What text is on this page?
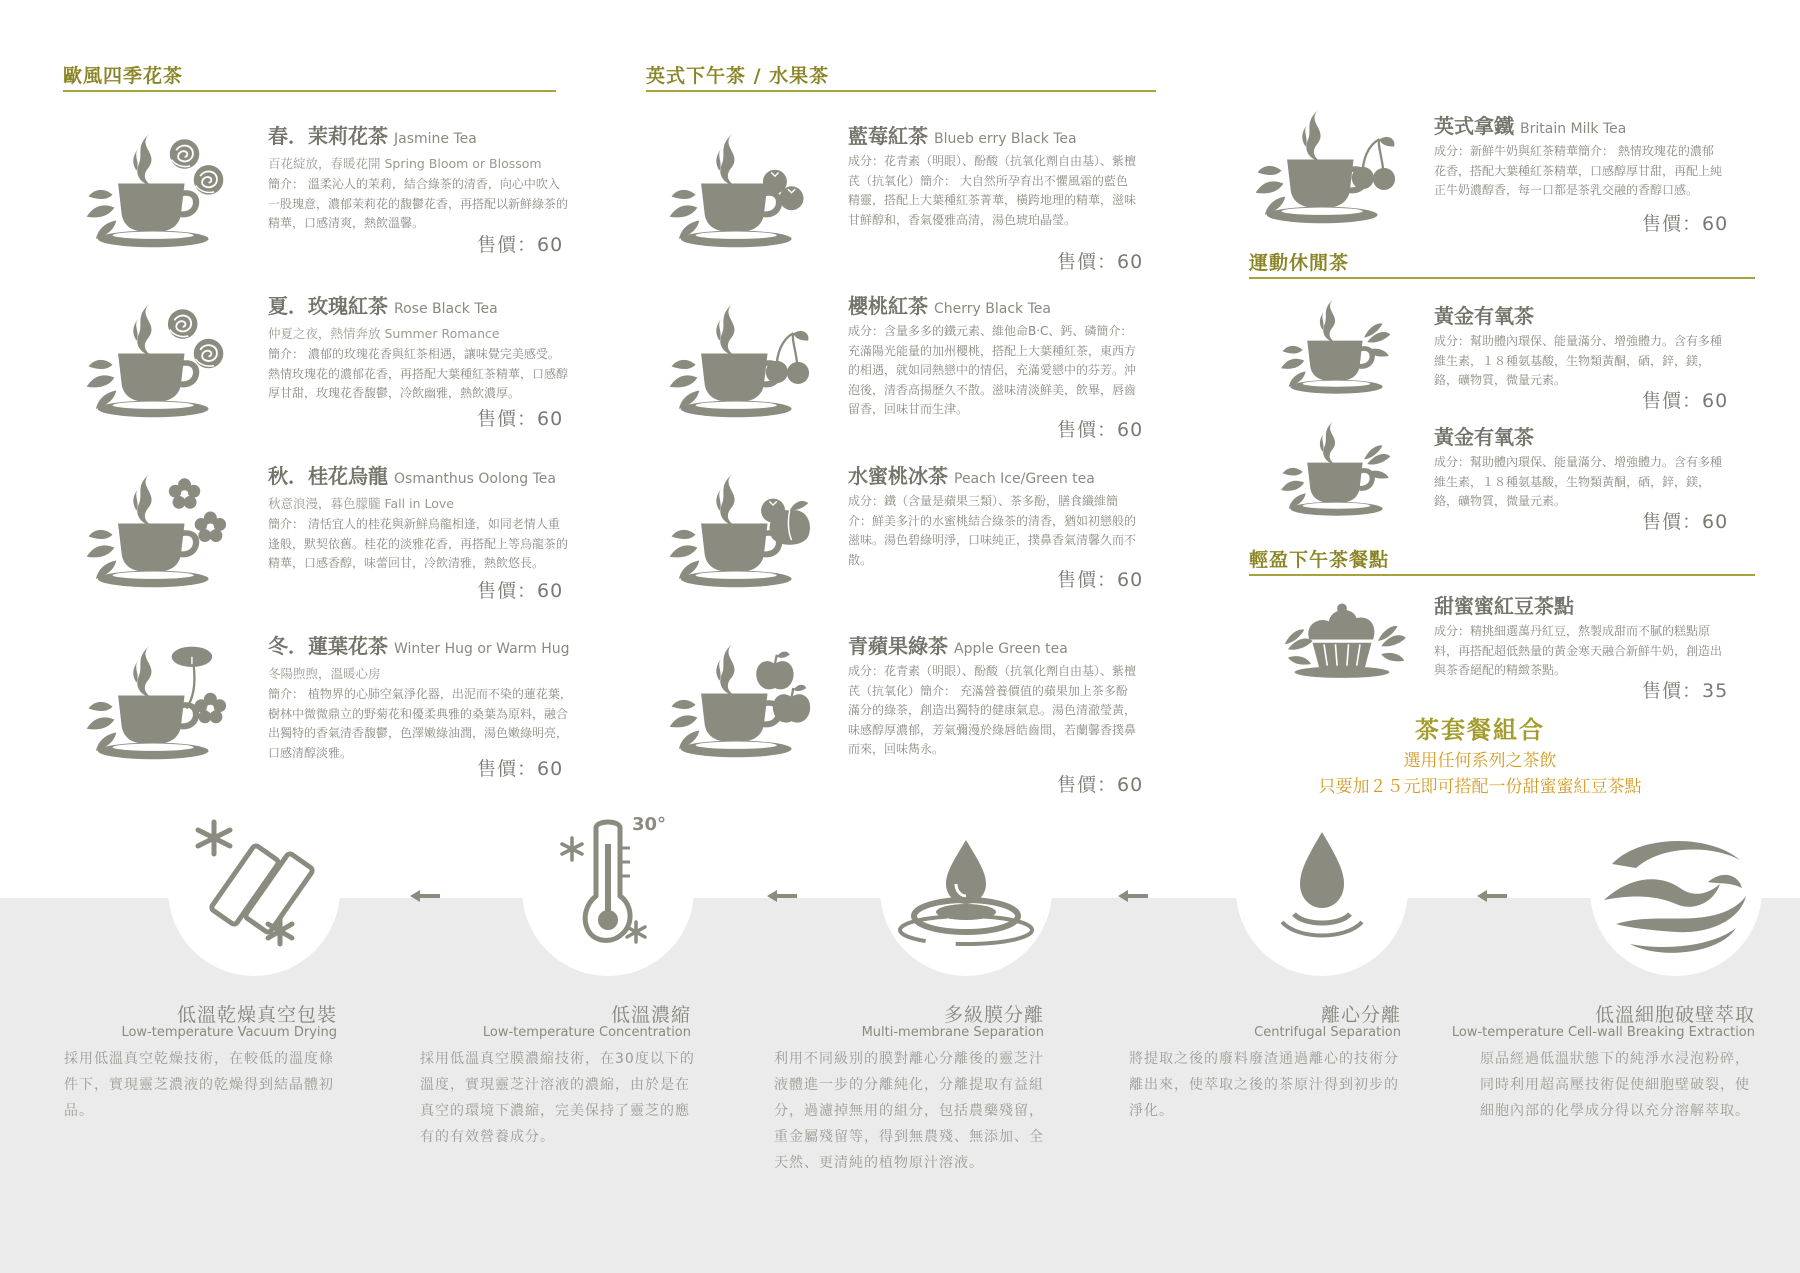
歐風四季花茶	英式下午茶 / 水果茶
運動休閒茶
輕盈下午茶餐點
春．茉莉花茶 Jasmine Tea
百花綻放，春暖花開 Spring Bloom or Blossom
簡介： 溫柔沁人的茉莉，結合綠茶的清香，向心中吹入一股瑰意，濃郁茉莉花的馥鬱花香，再搭配以新鮮綠茶的精華，口感清爽，熱飲溫馨。
售價：60
夏．玫瑰紅茶 Rose Black Tea
仲夏之夜，熱情奔放 Summer Romance
簡介： 濃郁的玫瑰花香與紅茶相遇，讓味覺完美感受。熱情玫瑰花的濃郁花香，再搭配大葉種紅茶精華，口感醇厚甘甜，玫瑰花香馥鬱，冷飲幽雅，熱飲濃厚。
售價：60
秋．桂花烏龍 Osmanthus Oolong Tea
秋意浪漫，暮色朦朧 Fall in Love
簡介： 清恬宜人的桂花與新鮮烏龍相逢，如同老情人重逢般，默契依舊。桂花的淡雅花香，再搭配上等烏龍茶的精華，口感香醇，味蕾回甘，冷飲清雅，熱飲悠長。
售價：60
冬．蓮葉花茶 Winter Hug or Warm Hug
冬陽煦煦，溫暖心房
簡介： 植物界的心肺空氣淨化器，出泥而不染的蓮花葉，樹林中微微鼎立的野菊花和優柔典雅的桑葉為原料，融合出獨特的香氣清香馥鬱，色澤嫩綠油潤，湯色嫩綠明亮，口感清醇淡雅。
售價：60
藍莓紅茶 Blueb erry Black Tea
成分：花青素（明眼）、酚酸（抗氧化劑自由基）、紫檀芪（抗氧化）簡介： 大自然所孕育出不懼風霜的藍色精靈，搭配上大葉種紅茶菁華，橫跨地理的精華，滋味甘鮮醇和，香氣優雅高清，湯色琥珀晶瑩。
售價：60
櫻桃紅茶 Cherry Black Tea
成分：含量多多的鐵元素、維他命B‧C、鈣、磷簡介： 充滿陽光能量的加州櫻桃，搭配上大葉種紅茶，東西方的相遇，就如同熱戀中的情侶，充滿愛戀中的芬芳。沖泡後，清香高揚歷久不散。滋味清淡鮮美，飲畢，唇齒留香，回味甘而生津。
售價：60
水蜜桃冰茶 Peach Ice/Green tea
成分：鐵（含量是蘋果三類）、茶多酚，膳食纖維簡介：鮮美多汁的水蜜桃結合綠茶的清香，猶如初戀般的滋味。湯色碧綠明淨，口味純正，撲鼻香氣清馨久而不散。
售價：60
青蘋果綠茶 Apple Green tea
成分：花青素（明眼）、酚酸（抗氧化劑自由基）、紫檀芪（抗氧化）簡介： 充滿營養價值的蘋果加上茶多酚滿分的綠茶，創造出獨特的健康氣息。湯色清澈瑩黃，味感醇厚濃郁，芳氣彌漫於綠唇皓齒間，若蘭馨香撲鼻而來，回味雋永。
售價：60
英式拿鐵 Britain Milk Tea
成分：新鮮牛奶與紅茶精華簡介： 熱情玫瑰花的濃郁花香，搭配大葉種紅茶精華，口感醇厚甘甜，再配上純正牛奶濃醇香，每一口都是茶乳交融的香醇口感。
售價：60
黃金有氧茶
成分：幫助體內環保、能量滿分、增強體力。含有多種維生素，１８種氨基酸，生物類黃酮，硒，鋅，鎂，鉻，礦物質，微量元素。
售價：60
黃金有氧茶
成分：幫助體內環保、能量滿分、增強體力。含有多種維生素，１８種氨基酸，生物類黃酮，硒，鋅，鎂，鉻，礦物質，微量元素。
售價：60
甜蜜蜜紅豆茶點
成分：精挑細選萬丹紅豆，熬製成甜而不膩的糕點原料，再搭配超低熱量的黃金寒天融合新鮮牛奶，創造出與茶香絕配的精緻茶點。
售價：35
茶套餐組合
選用任何系列之茶飲
只要加２５元即可搭配一份甜蜜蜜紅豆茶點
30°
低溫乾燥真空包裝
Low-temperature Vacuum Drying
採用低溫真空乾燥技術，在較低的溫度條件下，實現靈芝濃液的乾燥得到結晶體初品。
低溫濃縮
Low-temperature Concentration
採用低溫真空膜濃縮技術，在30度以下的溫度，實現靈芝汁溶液的濃縮，由於是在真空的環境下濃縮，完美保持了靈芝的應有的有效營養成分。
多級膜分離
Multi-membrane Separation
利用不同級別的膜對離心分離後的靈芝汁液體進一步的分離純化，分離提取有益組分，過濾掉無用的組分，包括農藥殘留，重金屬殘留等，得到無農殘、無添加、全天然、更清純的植物原汁溶液。
離心分離
Centrifugal Separation
將提取之後的廢料廢渣通過離心的技術分離出來，使萃取之後的茶原汁得到初步的淨化。
低溫細胞破壁萃取
Low-temperature Cell-wall Breaking Extraction
原品經過低溫狀態下的純淨水浸泡粉碎，同時利用超高壓技術促使細胞壁破裂，使細胞內部的化學成分得以充分溶解萃取。
